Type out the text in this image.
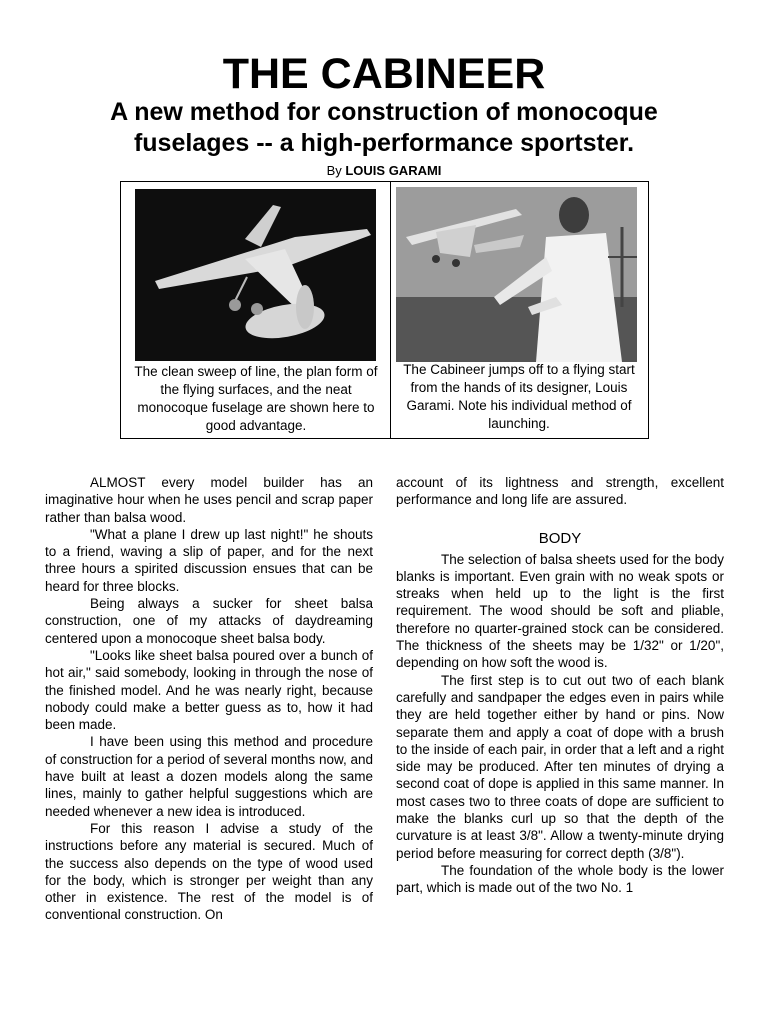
THE CABINEER
A new method for construction of monocoque fuselages -- a high-performance sportster.
By LOUIS GARAMI
The clean sweep of line, the plan form of the flying surfaces, and the neat monocoque fuselage are shown here to good advantage.
The Cabineer jumps off to a flying start from the hands of its designer, Louis Garami. Note his individual method of launching.

ALMOST every model builder has an imaginative hour when he uses pencil and scrap paper rather than balsa wood.

"What a plane I drew up last night!" he shouts to a friend, waving a slip of paper, and for the next three hours a spirited discussion ensues that can be heard for three blocks.

Being always a sucker for sheet balsa construction, one of my attacks of daydreaming centered upon a monocoque sheet balsa body.

"Looks like sheet balsa poured over a bunch of hot air," said somebody, looking in through the nose of the finished model. And he was nearly right, because nobody could make a better guess as to, how it had been made.

I have been using this method and procedure of construction for a period of several months now, and have built at least a dozen models along the same lines, mainly to gather helpful suggestions which are needed whenever a new idea is introduced.

For this reason I advise a study of the instructions before any material is secured. Much of the success also depends on the type of wood used for the body, which is stronger per weight than any other in existence. The rest of the model is of conventional construction. On

account of its lightness and strength, excellent performance and long life are assured.

BODY

The selection of balsa sheets used for the body blanks is important. Even grain with no weak spots or streaks when held up to the light is the first requirement. The wood should be soft and pliable, therefore no quarter-grained stock can be considered. The thickness of the sheets may be 1/32" or 1/20", depending on how soft the wood is.

The first step is to cut out two of each blank carefully and sandpaper the edges even in pairs while they are held together either by hand or pins. Now separate them and apply a coat of dope with a brush to the inside of each pair, in order that a left and a right side may be produced. After ten minutes of drying a second coat of dope is applied in this same manner. In most cases two to three coats of dope are sufficient to make the blanks curl up so that the depth of the curvature is at least 3/8". Allow a twenty-minute drying period before measuring for correct depth (3/8").

The foundation of the whole body is the lower part, which is made out of the two No. 1
